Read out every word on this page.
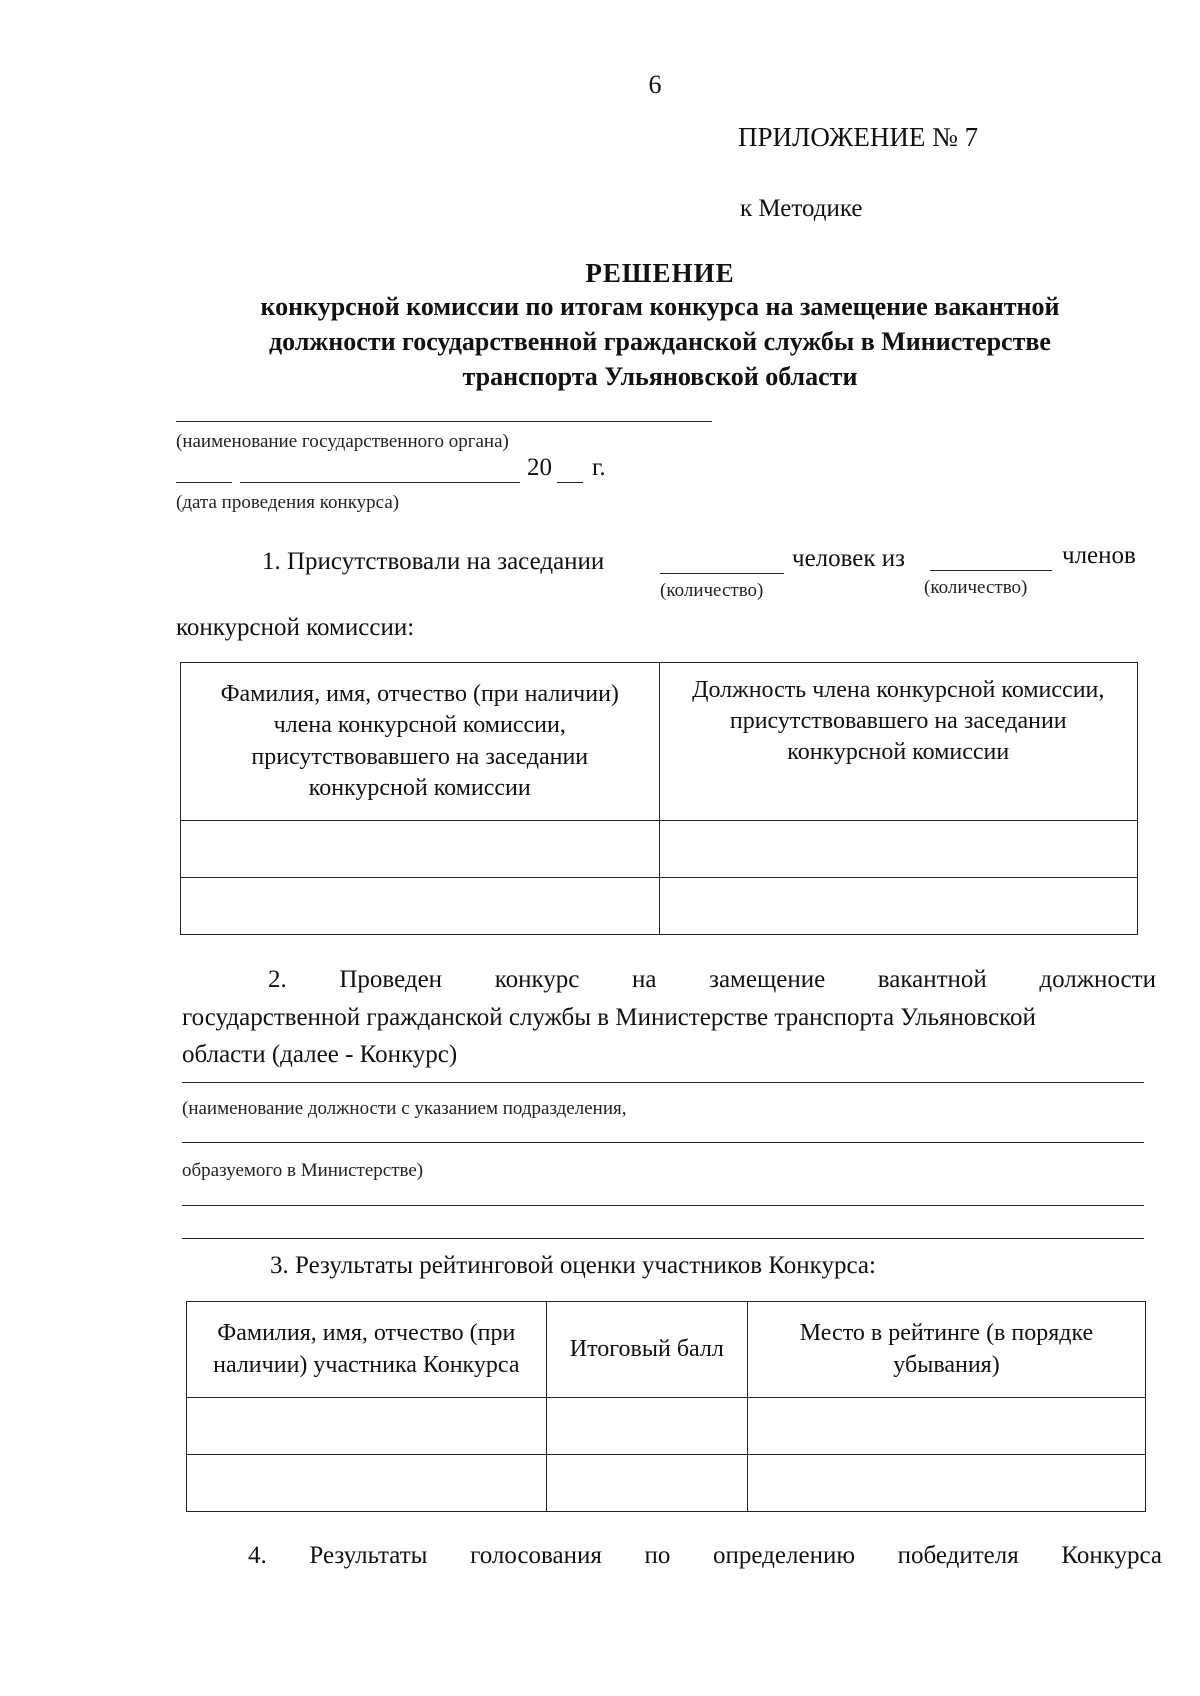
6
ПРИЛОЖЕНИЕ № 7
к Методике
РЕШЕНИЕ
конкурсной комиссии по итогам конкурса на замещение вакантной
должности государственной гражданской службы в Министерстве
транспорта Ульяновской области
(наименование государственного органа)
20 г.
(дата проведения конкурса)
1. Присутствовали на заседании	человек из	членов
(количество)	(количество)
конкурсной комиссии:
Фамилия, имя, отчество (при наличии) члена конкурсной комиссии, присутствовавшего на заседании конкурсной комиссии	Должность члена конкурсной комиссии, присутствовавшего на заседании конкурсной комиссии

2. Проведен конкурс на замещение вакантной должности
государственной гражданской службы в Министерстве транспорта Ульяновской
области (далее - Конкурс)
(наименование должности с указанием подразделения,
образуемого в Министерстве)
3. Результаты рейтинговой оценки участников Конкурса:
Фамилия, имя, отчество (при наличии) участника Конкурса	Итоговый балл	Место в рейтинге (в порядке убывания)

4. Результаты голосования по определению победителя Конкурса
